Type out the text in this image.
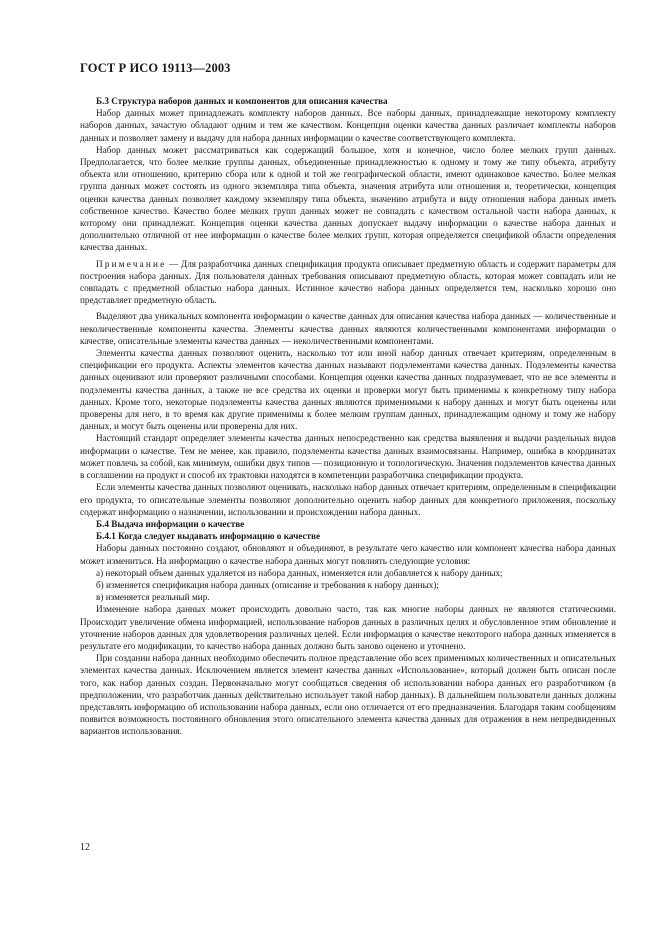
ГОСТ Р ИСО 19113—2003
Б.3 Структура наборов данных и компонентов для описания качества

Набор данных может принадлежать комплекту наборов данных. Все наборы данных, принадлежащие некоторому комплекту наборов данных, зачастую обладают одним и тем же качеством. Концепция оценки качества данных различает комплекты наборов данных и позволяет замену и выдачу для набора данных информации о качестве соответствующего комплекта.

Набор данных может рассматриваться как содержащий большое, хотя и конечное, число более мелких групп данных. Предполагается, что более мелкие группы данных, объединенные принадлежностью к одному и тому же типу объекта, атрибуту объекта или отношению, критерию сбора или к одной и той же географической области, имеют одинаковое качество. Более мелкая группа данных может состоять из одного экземпляра типа объекта, значения атрибута или отношения и, теоретически, концепция оценки качества данных позволяет каждому экземпляру типа объекта, значению атрибута и виду отношения набора данных иметь собственное качество. Качество более мелких групп данных может не совпадать с качеством остальной части набора данных, к которому они принадлежат. Концепция оценки качества данных допускает выдачу информации о качестве набора данных и дополнительно отличной от нее информации о качестве более мелких групп, которая определяется спецификой области определения качества данных.

Примечание — Для разработчика данных спецификация продукта описывает предметную область и содержит параметры для построения набора данных. Для пользователя данных требования описывают предметную область, которая может совпадать или не совпадать с предметной областью набора данных. Истинное качество набора данных определяется тем, насколько хорошо оно представляет предметную область.

Выделяют два уникальных компонента информации о качестве данных для описания качества набора данных — количественные и неколичественные компоненты качества. Элементы качества данных являются количественными компонентами информации о качестве, описательные элементы качества данных — неколичественными компонентами.

Элементы качества данных позволяют оценить, насколько тот или иной набор данных отвечает критериям, определенным в спецификации его продукта. Аспекты элементов качества данных называют подэлементами качества данных. Подэлементы качества данных оценивают или проверяют различными способами. Концепция оценки качества данных подразумевает, что не все элементы и подэлементы качества данных, а также не все средства их оценки и проверки могут быть применимы к конкретному типу набора данных. Кроме того, некоторые подэлементы качества данных являются применимыми к набору данных и могут быть оценены или проверены для него, в то время как другие применимы к более мелким группам данных, принадлежащим одному и тому же набору данных, и могут быть оценены или проверены для них.

Настоящий стандарт определяет элементы качества данных непосредственно как средства выявления и выдачи раздельных видов информации о качестве. Тем не менее, как правило, подэлементы качества данных взаимосвязаны. Например, ошибка в координатах может повлечь за собой, как минимум, ошибки двух типов — позиционную и топологическую. Значения подэлементов качества данных в соглашении на продукт и способ их трактовки находятся в компетенции разработчика спецификации продукта.

Если элементы качества данных позволяют оценивать, насколько набор данных отвечает критериям, определенным в спецификации его продукта, то описательные элементы позволяют дополнительно оценить набор данных для конкретного приложения, поскольку содержат информацию о назначении, использовании и происхождении набора данных.

Б.4 Выдача информации о качестве
Б.4.1 Когда следует выдавать информацию о качестве

Наборы данных постоянно создают, обновляют и объединяют, в результате чего качество или компонент качества набора данных может измениться. На информацию о качестве набора данных могут повлиять следующие условия:

а) некоторый объем данных удаляется из набора данных, изменяется или добавляется к набору данных;
б) изменяется спецификация набора данных (описание и требования к набору данных);
в) изменяется реальный мир.

Изменение набора данных может происходить довольно часто, так как многие наборы данных не являются статическими. Происходит увеличение обмена информацией, использование наборов данных в различных целях и обусловленное этим обновление и уточнение наборов данных для удовлетворения различных целей. Если информация о качестве некоторого набора данных изменяется в результате его модификации, то качество набора данных должно быть заново оценено и уточнено.

При создании набора данных необходимо обеспечить полное представление обо всех применимых количественных и описательных элементах качества данных. Исключением является элемент качества данных «Использование», который должен быть описан после того, как набор данных создан. Первоначально могут сообщаться сведения об использовании набора данных его разработчиком (в предположении, что разработчик данных действительно использует такой набор данных). В дальнейшем пользователи данных должны представлять информацию об использовании набора данных, если оно отличается от его предназначения. Благодаря таким сообщениям появится возможность постоянного обновления этого описательного элемента качества данных для отражения в нем непредвиденных вариантов использования.

12
